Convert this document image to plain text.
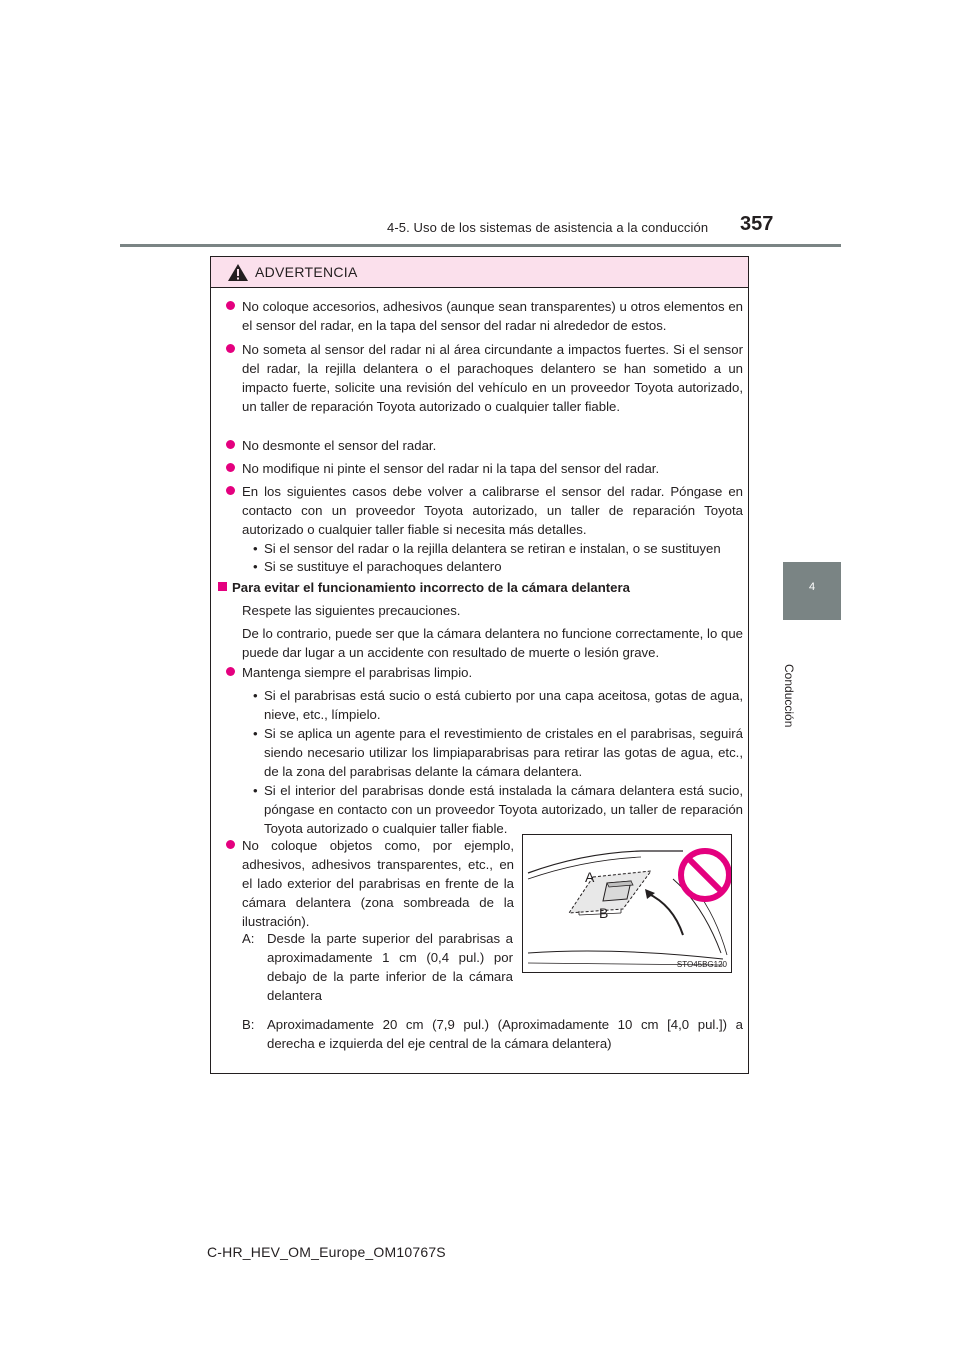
4-5. Uso de los sistemas de asistencia a la conducción 357
4
Conducción
ADVERTENCIA
No coloque accesorios, adhesivos (aunque sean transparentes) u otros elementos en el sensor del radar, en la tapa del sensor del radar ni alrededor de estos.
No someta al sensor del radar ni al área circundante a impactos fuertes. Si el sensor del radar, la rejilla delantera o el parachoques delantero se han sometido a un impacto fuerte, solicite una revisión del vehículo en un proveedor Toyota autorizado, un taller de reparación Toyota autorizado o cualquier taller fiable.
No desmonte el sensor del radar.
No modifique ni pinte el sensor del radar ni la tapa del sensor del radar.
En los siguientes casos debe volver a calibrarse el sensor del radar. Póngase en contacto con un proveedor Toyota autorizado, un taller de reparación Toyota autorizado o cualquier taller fiable si necesita más detalles.
• Si el sensor del radar o la rejilla delantera se retiran e instalan, o se sustituyen
• Si se sustituye el parachoques delantero
Para evitar el funcionamiento incorrecto de la cámara delantera
Respete las siguientes precauciones.
De lo contrario, puede ser que la cámara delantera no funcione correctamente, lo que puede dar lugar a un accidente con resultado de muerte o lesión grave.
Mantenga siempre el parabrisas limpio.
• Si el parabrisas está sucio o está cubierto por una capa aceitosa, gotas de agua, nieve, etc., límpielo.
• Si se aplica un agente para el revestimiento de cristales en el parabrisas, seguirá siendo necesario utilizar los limpiaparabrisas para retirar las gotas de agua, etc., de la zona del parabrisas delante la cámara delantera.
• Si el interior del parabrisas donde está instalada la cámara delantera está sucio, póngase en contacto con un proveedor Toyota autorizado, un taller de reparación Toyota autorizado o cualquier taller fiable.
No coloque objetos como, por ejemplo, adhesivos, adhesivos transparentes, etc., en el lado exterior del parabrisas en frente de la cámara delantera (zona sombreada de la ilustración).
A: Desde la parte superior del parabrisas a aproximadamente 1 cm (0,4 pul.) por debajo de la parte inferior de la cámara delantera
B: Aproximadamente 20 cm (7,9 pul.) (Aproximadamente 10 cm [4,0 pul.]) a derecha e izquierda del eje central de la cámara delantera)
A
B
STO45BG120
C-HR_HEV_OM_Europe_OM10767S
